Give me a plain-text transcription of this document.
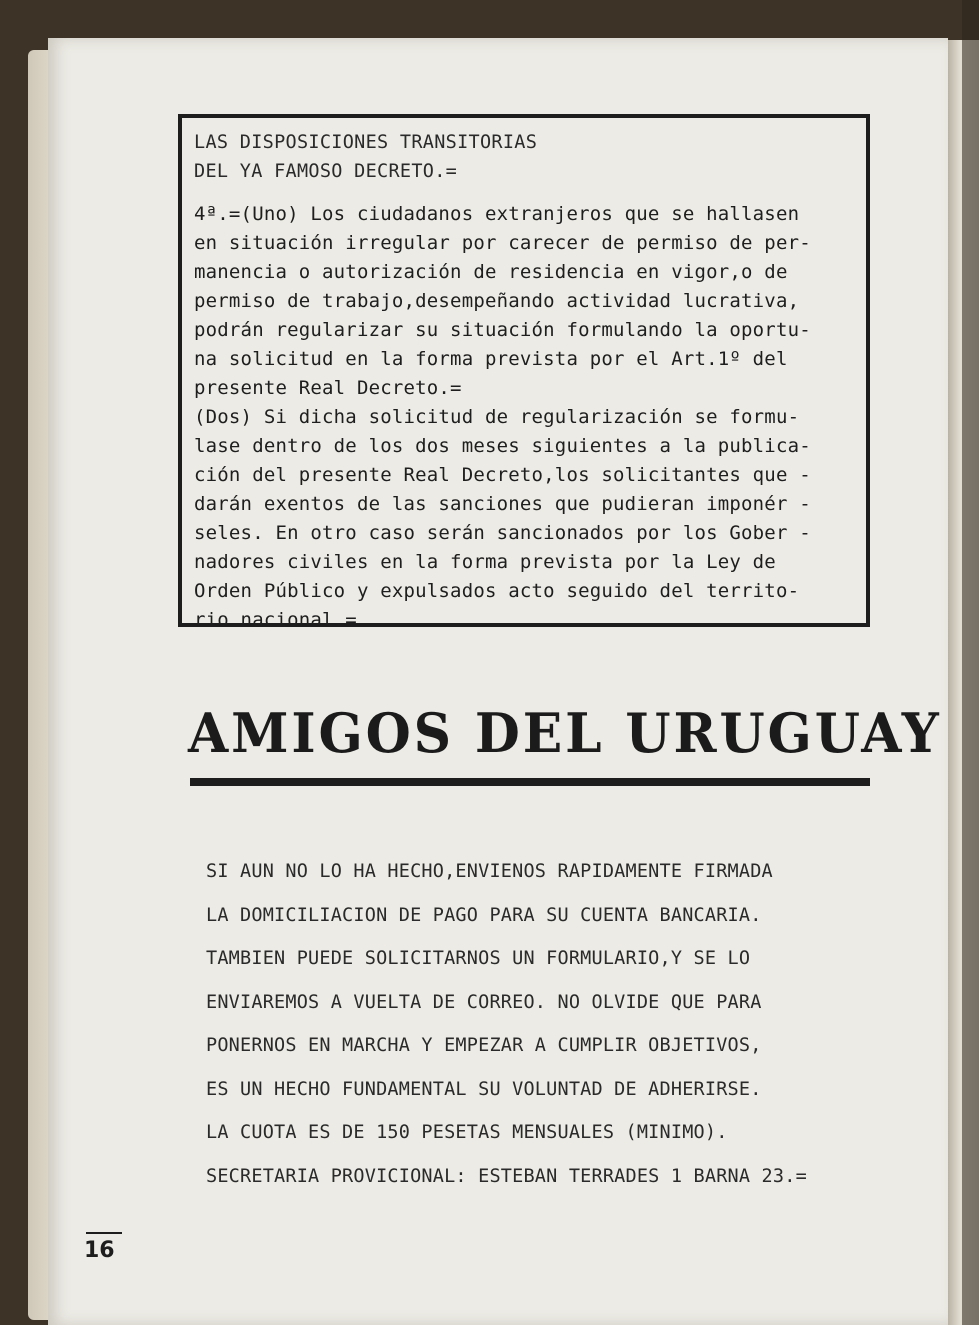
LAS DISPOSICIONES TRANSITORIAS
DEL YA FAMOSO DECRETO.=
4ª.=(Uno) Los ciudadanos extranjeros que se hallasen
en situación irregular por carecer de permiso de per-
manencia o autorización de residencia en vigor,o de
permiso de trabajo,desempeñando actividad lucrativa,
podrán regularizar su situación formulando la oportu-
na solicitud en la forma prevista por el Art.1º del
presente Real Decreto.=
(Dos) Si dicha solicitud de regularización se formu-
lase dentro de los dos meses siguientes a la publica-
ción del presente Real Decreto,los solicitantes que -
darán exentos de las sanciones que pudieran imponér -
seles. En otro caso serán sancionados por los Gober -
nadores civiles en la forma prevista por la Ley de
Orden Público y expulsados acto seguido del territo-
rio nacional.=
AMIGOS DEL URUGUAY
SI AUN NO LO HA HECHO,ENVIENOS RAPIDAMENTE FIRMADA
LA DOMICILIACION DE PAGO PARA SU CUENTA BANCARIA.
TAMBIEN PUEDE SOLICITARNOS UN FORMULARIO,Y SE LO
ENVIAREMOS A VUELTA DE CORREO. NO OLVIDE QUE PARA
PONERNOS EN MARCHA Y EMPEZAR A CUMPLIR OBJETIVOS,
ES UN HECHO FUNDAMENTAL SU VOLUNTAD DE ADHERIRSE.
LA CUOTA ES DE 150 PESETAS MENSUALES (MINIMO).
SECRETARIA PROVICIONAL: ESTEBAN TERRADES 1 BARNA 23.=
16
